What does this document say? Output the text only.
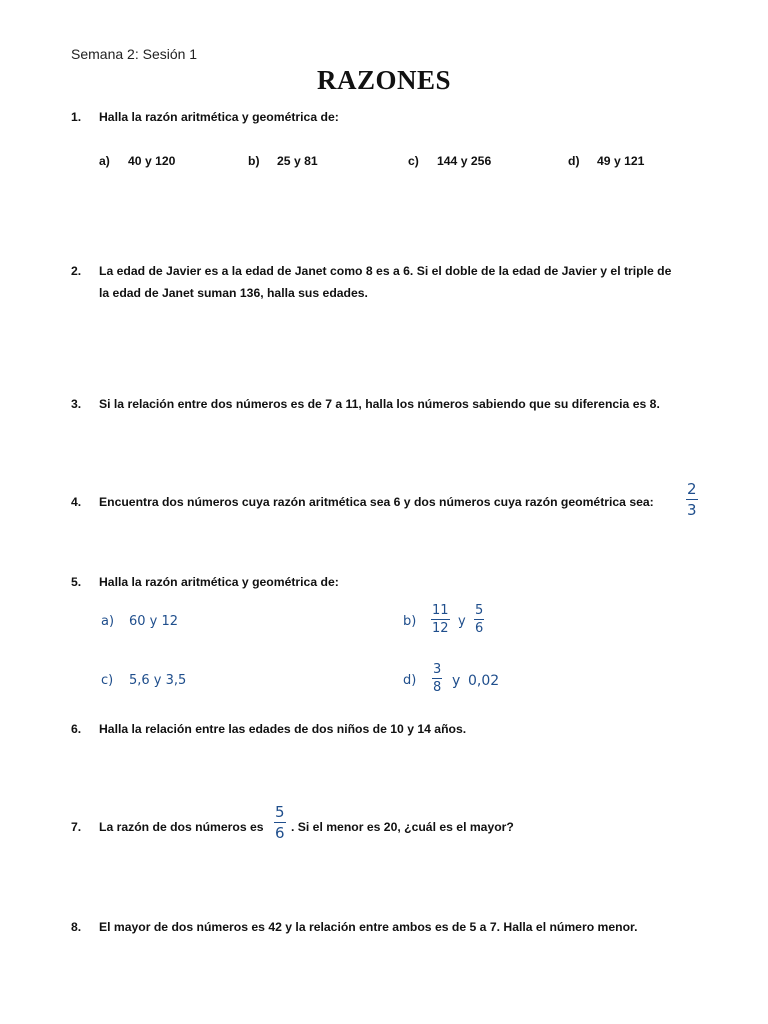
Semana 2: Sesión 1
RAZONES
1. Halla la razón aritmética y geométrica de:
a) 40 y 120	b) 25 y 81	c) 144 y 256	d) 49 y 121
2. La edad de Javier es a la edad de Janet como 8 es a 6. Si el doble de la edad de Javier y el triple de
la edad de Janet suman 136, halla sus edades.
3. Si la relación entre dos números es de 7 a 11, halla los números sabiendo que su diferencia es 8.
4. Encuentra dos números cuya razón aritmética sea 6 y dos números cuya razón geométrica sea:
2
3
5. Halla la razón aritmética y geométrica de:
a) 60 y 12	b)
11
12 y
5
6
c) 5,6 y 3,5	d)
3
8 y 0,02
6. Halla la relación entre las edades de dos niños de 10 y 14 años.
7. La razón de dos números es
5
6 . Si el menor es 20, ¿cuál es el mayor?
8. El mayor de dos números es 42 y la relación entre ambos es de 5 a 7. Halla el número menor.
